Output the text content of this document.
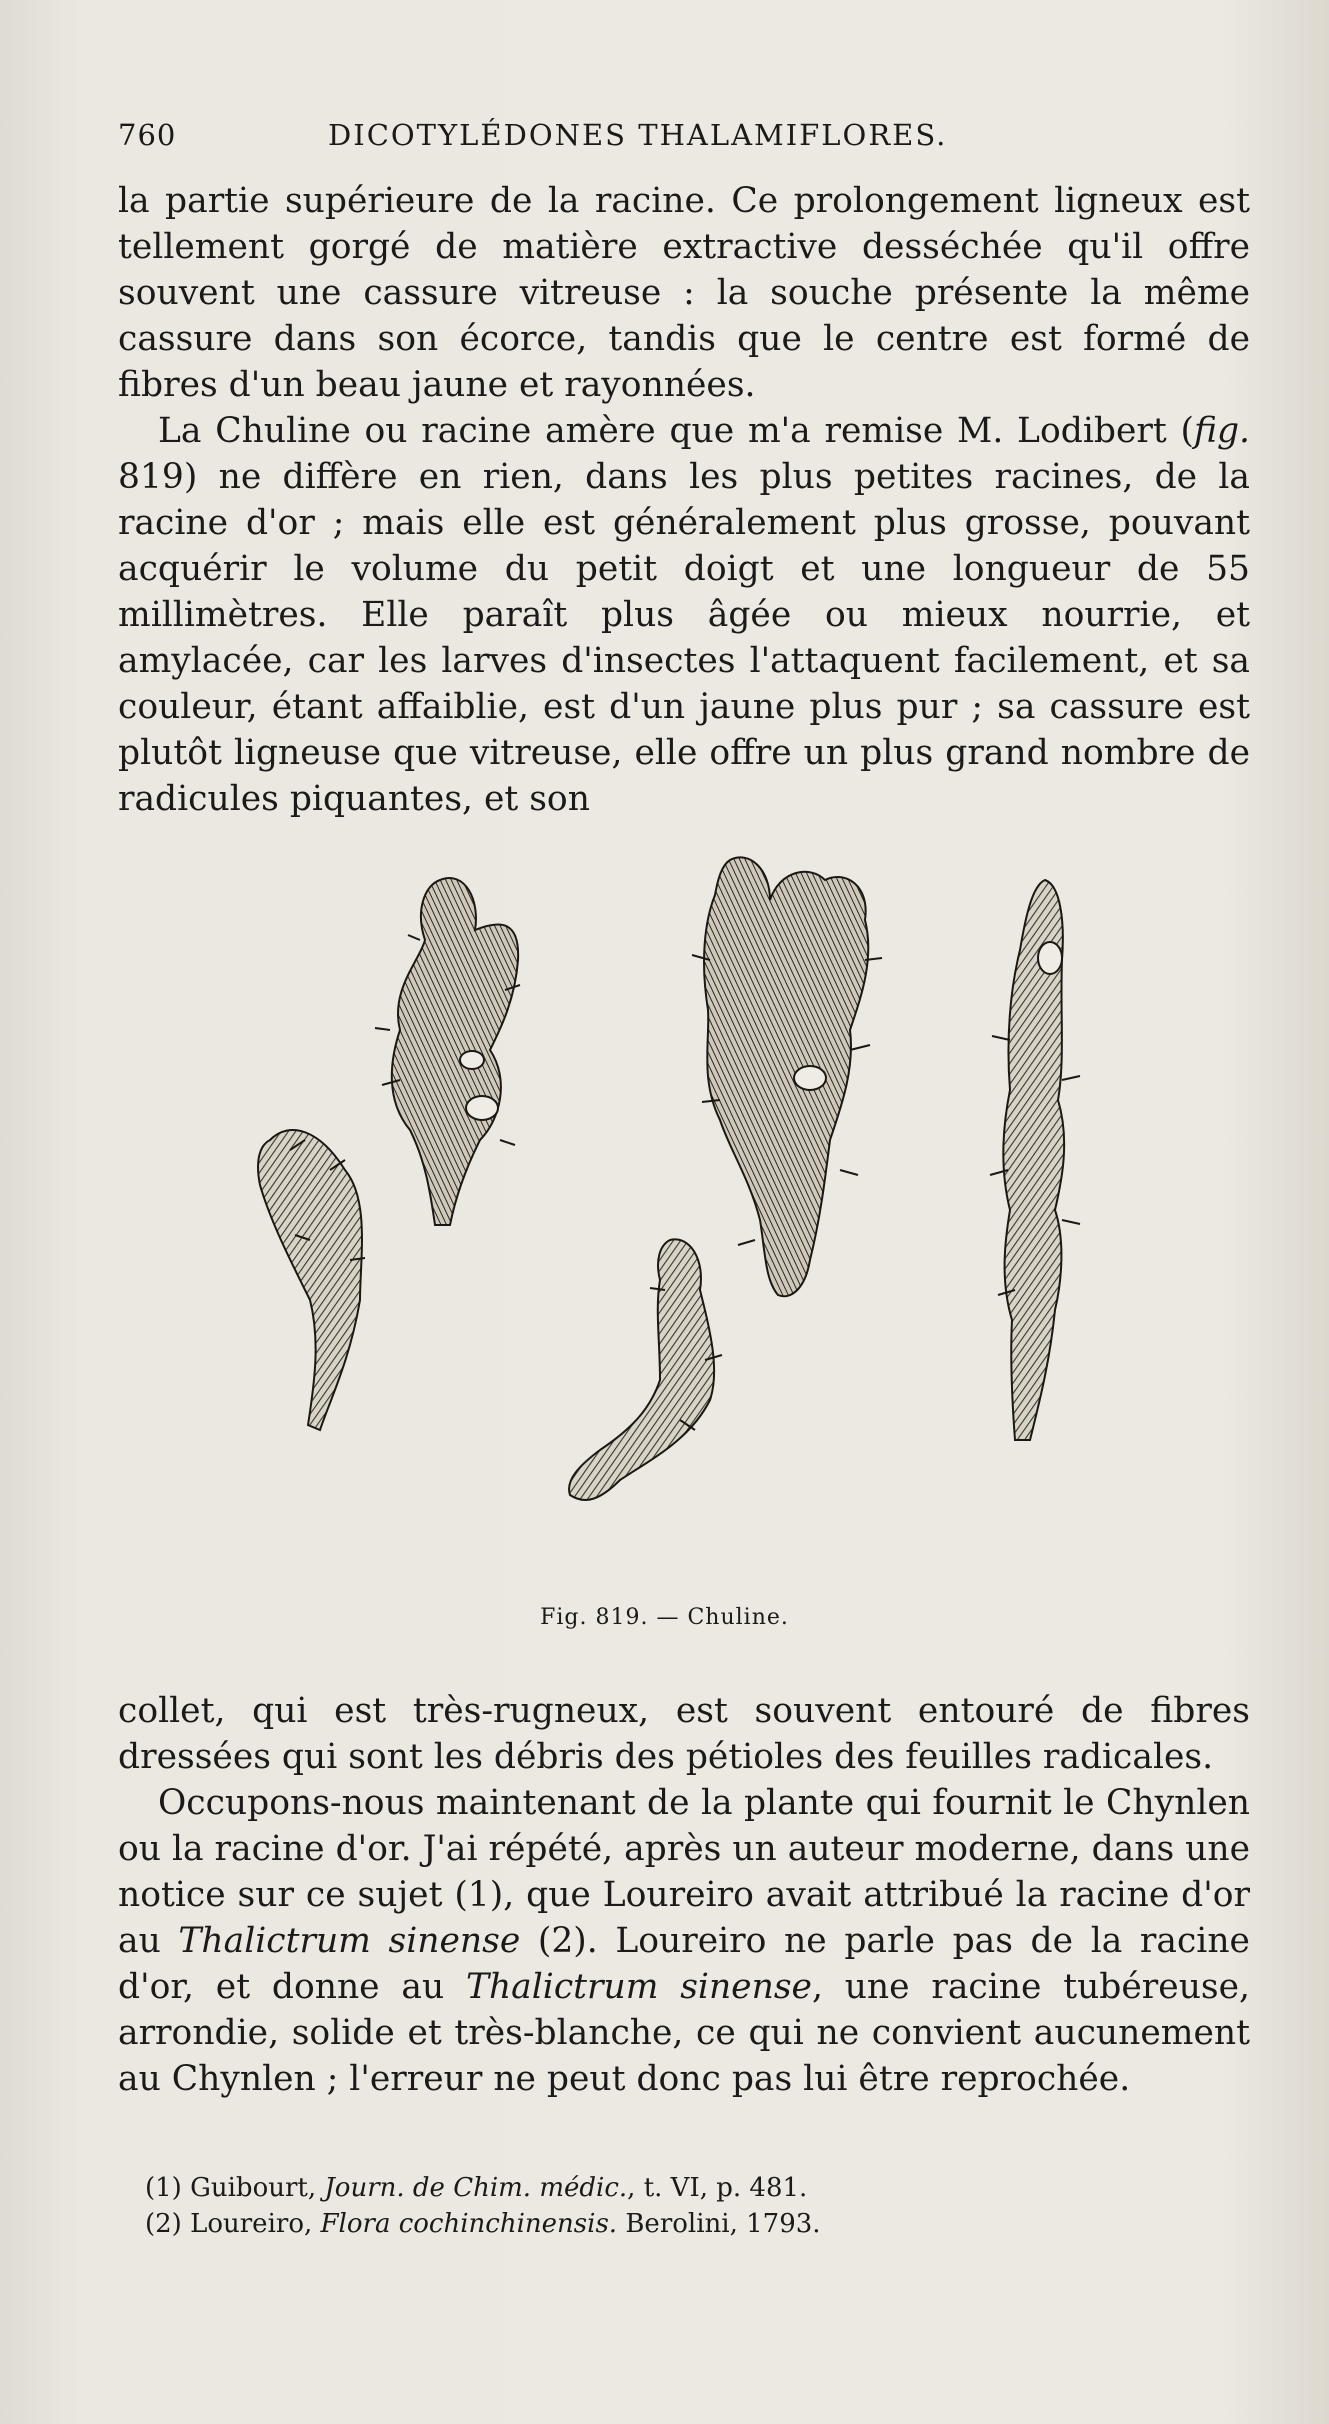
760	DICOTYLÉDONES THALAMIFLORES.

la partie supérieure de la racine. Ce prolongement ligneux est tellement gorgé de matière extractive desséchée qu'il offre souvent une cassure vitreuse : la souche présente la même cassure dans son écorce, tandis que le centre est formé de fibres d'un beau jaune et rayonnées.

La Chuline ou racine amère que m'a remise M. Lodibert (fig. 819) ne diffère en rien, dans les plus petites racines, de la racine d'or ; mais elle est généralement plus grosse, pouvant acquérir le volume du petit doigt et une longueur de 55 millimètres. Elle paraît plus âgée ou mieux nourrie, et amylacée, car les larves d'insectes l'attaquent facilement, et sa couleur, étant affaiblie, est d'un jaune plus pur ; sa cassure est plutôt ligneuse que vitreuse, elle offre un plus grand nombre de radicules piquantes, et son

Fig. 819. — Chuline.

collet, qui est très-rugneux, est souvent entouré de fibres dressées qui sont les débris des pétioles des feuilles radicales.

Occupons-nous maintenant de la plante qui fournit le Chynlen ou la racine d'or. J'ai répété, après un auteur moderne, dans une notice sur ce sujet (1), que Loureiro avait attribué la racine d'or au Thalictrum sinense (2). Loureiro ne parle pas de la racine d'or, et donne au Thalictrum sinense, une racine tubéreuse, arrondie, solide et très-blanche, ce qui ne convient aucunement au Chynlen ; l'erreur ne peut donc pas lui être reprochée.

(1) Guibourt, Journ. de Chim. médic., t. VI, p. 481.

(2) Loureiro, Flora cochinchinensis. Berolini, 1793.
